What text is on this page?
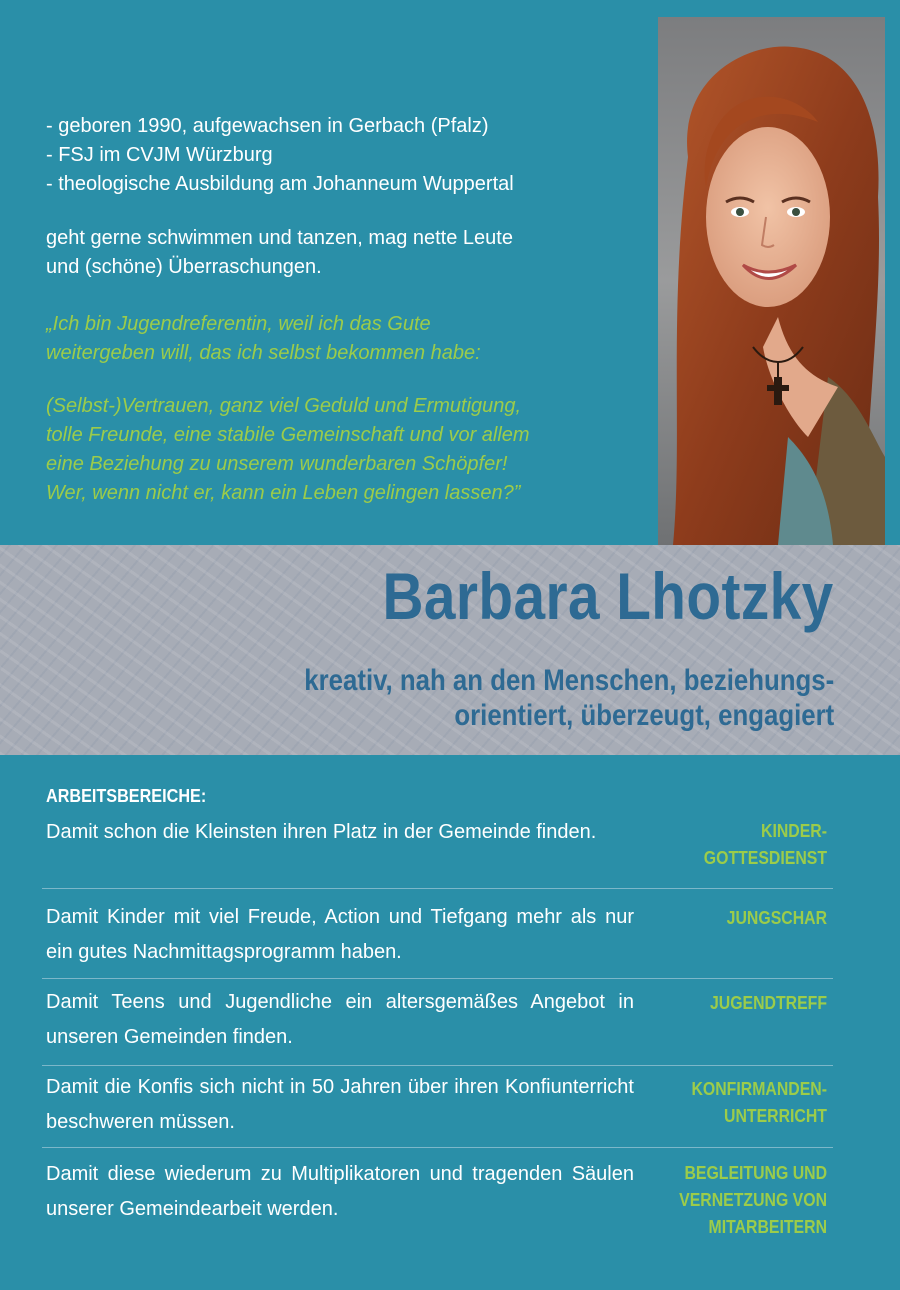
- geboren 1990, aufgewachsen in Gerbach (Pfalz)
- FSJ im CVJM Würzburg
- theologische Ausbildung am Johanneum Wuppertal
geht gerne schwimmen und tanzen, mag nette Leute
und (schöne) Überraschungen.

„Ich bin Jugendreferentin, weil ich das Gute
weitergeben will, das ich selbst bekommen habe:

(Selbst-)Vertrauen, ganz viel Geduld und Ermutigung,
tolle Freunde, eine stabile Gemeinschaft und vor allem
eine Beziehung zu unserem wunderbaren Schöpfer!
Wer, wenn nicht er, kann ein Leben gelingen lassen?”

Barbara Lhotzky
kreativ, nah an den Menschen, beziehungs-
orientiert, überzeugt, engagiert
ARBEITSBEREICHE:
Damit schon die Kleinsten ihren Platz in der Gemeinde finden.	KINDER-
GOTTESDIENST
Damit Kinder mit viel Freude, Action und Tiefgang mehr als nur ein gutes Nachmittagsprogramm haben.
JUNGSCHAR
Damit Teens und Jugendliche ein altersgemäßes Angebot in unseren Gemeinden finden.
JUGENDTREFF
Damit die Konfis sich nicht in 50 Jahren über ihren Konfiunterricht beschweren müssen.
KONFIRMANDEN-
UNTERRICHT
Damit diese wiederum zu Multiplikatoren und tragenden Säulen unserer Gemeindearbeit werden.
BEGLEITUNG UND
VERNETZUNG VON
MITARBEITERN
